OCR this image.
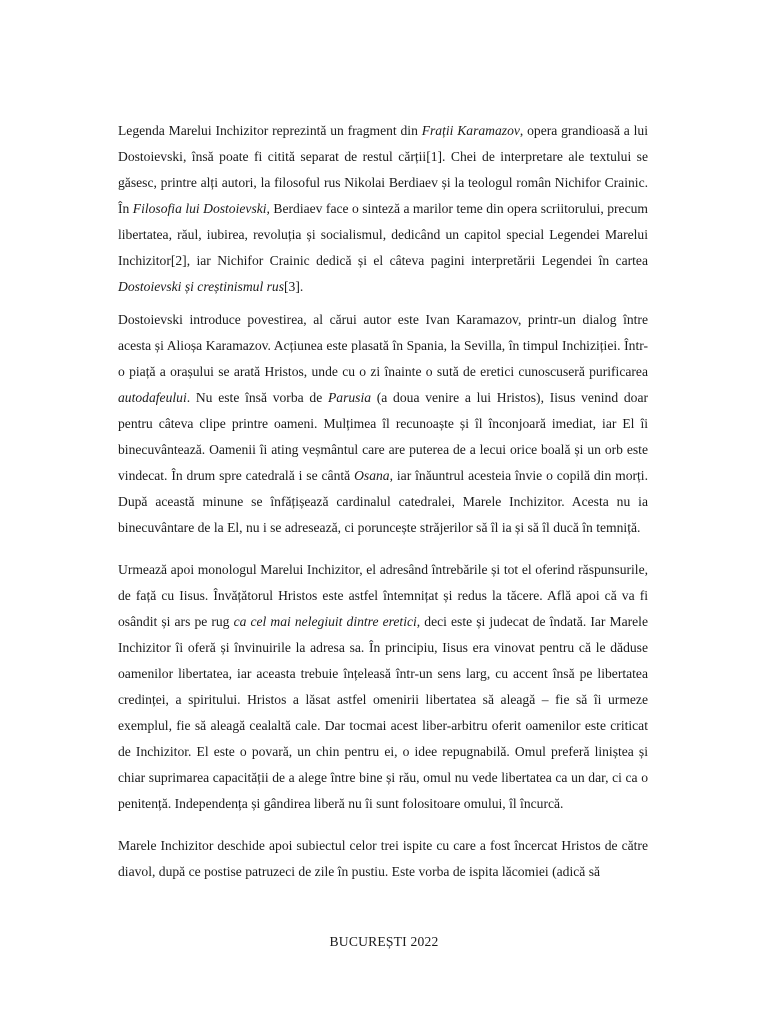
Legenda Marelui Inchizitor reprezintă un fragment din Frații Karamazov, opera grandioasă a lui Dostoievski, însă poate fi citită separat de restul cărții[1]. Chei de interpretare ale textului se găsesc, printre alți autori, la filosoful rus Nikolai Berdiaev și la teologul român Nichifor Crainic. În Filosofia lui Dostoievski, Berdiaev face o sinteză a marilor teme din opera scriitorului, precum libertatea, răul, iubirea, revoluția și socialismul, dedicând un capitol special Legendei Marelui Inchizitor[2], iar Nichifor Crainic dedică și el câteva pagini interpretării Legendei în cartea Dostoievski și creștinismul rus[3].

Dostoievski introduce povestirea, al cărui autor este Ivan Karamazov, printr-un dialog între acesta și Alioșa Karamazov. Acțiunea este plasată în Spania, la Sevilla, în timpul Inchiziției. Într-o piață a orașului se arată Hristos, unde cu o zi înainte o sută de eretici cunoscuseră purificarea autodafeului. Nu este însă vorba de Parusia (a doua venire a lui Hristos), Iisus venind doar pentru câteva clipe printre oameni. Mulțimea îl recunoaște și îl înconjoară imediat, iar El îi binecuvântează. Oamenii îi ating veșmântul care are puterea de a lecui orice boală și un orb este vindecat. În drum spre catedrală i se cântă Osana, iar înăuntrul acesteia învie o copilă din morți. După această minune se înfățișează cardinalul catedralei, Marele Inchizitor. Acesta nu ia binecuvântare de la El, nu i se adresează, ci poruncește străjerilor să îl ia și să îl ducă în temniță.

Urmează apoi monologul Marelui Inchizitor, el adresând întrebările și tot el oferind răspunsurile, de față cu Iisus. Învățătorul Hristos este astfel întemnițat și redus la tăcere. Află apoi că va fi osândit și ars pe rug ca cel mai nelegiuit dintre eretici, deci este și judecat de îndată. Iar Marele Inchizitor îi oferă și învinuirile la adresa sa. În principiu, Iisus era vinovat pentru că le dăduse oamenilor libertatea, iar aceasta trebuie înțeleasă într-un sens larg, cu accent însă pe libertatea credinței, a spiritului. Hristos a lăsat astfel omenirii libertatea să aleagă – fie să îi urmeze exemplul, fie să aleagă cealaltă cale. Dar tocmai acest liber-arbitru oferit oamenilor este criticat de Inchizitor. El este o povară, un chin pentru ei, o idee repugnabilă. Omul preferă liniștea și chiar suprimarea capacității de a alege între bine și rău, omul nu vede libertatea ca un dar, ci ca o penitență. Independența și gândirea liberă nu îi sunt folositoare omului, îl încurcă.

Marele Inchizitor deschide apoi subiectul celor trei ispite cu care a fost încercat Hristos de către diavol, după ce postise patruzeci de zile în pustiu. Este vorba de ispita lăcomiei (adică să

BUCUREȘTI 2022
